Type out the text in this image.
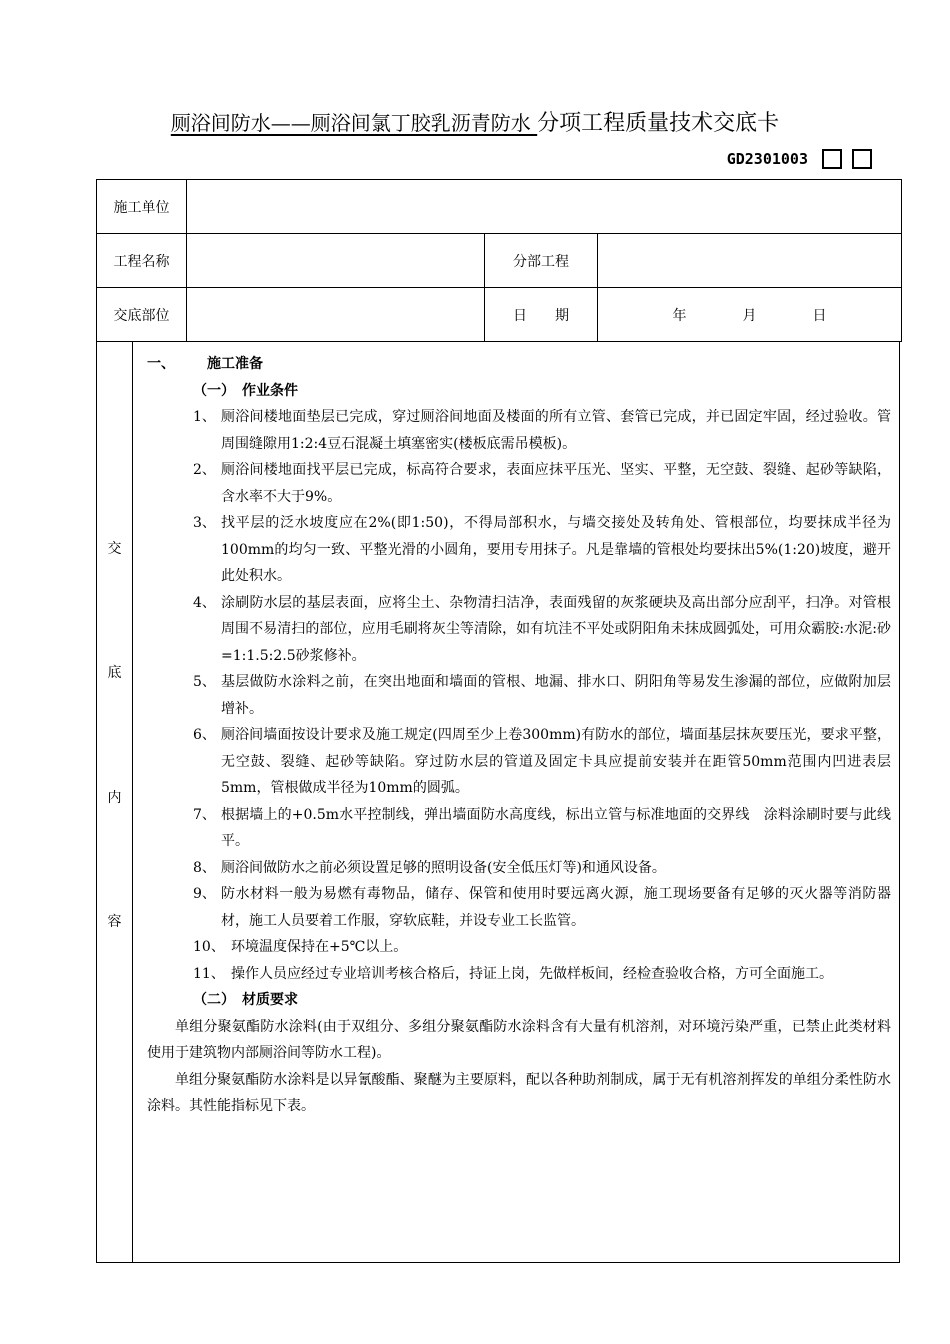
厕浴间防水——厕浴间氯丁胶乳沥青防水 分项工程质量技术交底卡
GD2301003
施工单位			
工程名称		分部工程	
交底部位		日　　期	年 月 日
交
底
内
容
一、 施工准备
（一）　作业条件
1、 厕浴间楼地面垫层已完成，穿过厕浴间地面及楼面的所有立管、套管已完成，并已固定牢固，经过验收。管周围缝隙用1:2:4豆石混凝土填塞密实(楼板底需吊模板)。
2、 厕浴间楼地面找平层已完成，标高符合要求，表面应抹平压光、坚实、平整，无空鼓、裂缝、起砂等缺陷，含水率不大于9%。
3、 找平层的泛水坡度应在2%(即1:50)，不得局部积水，与墙交接处及转角处、管根部位，均要抹成半径为100mm的均匀一致、平整光滑的小圆角，要用专用抹子。凡是靠墙的管根处均要抹出5%(1:20)坡度，避开此处积水。
4、 涂刷防水层的基层表面，应将尘土、杂物清扫洁净，表面残留的灰浆硬块及高出部分应刮平，扫净。对管根周围不易清扫的部位，应用毛刷将灰尘等清除，如有坑洼不平处或阴阳角未抹成圆弧处，可用众霸胶:水泥:砂=1:1.5:2.5砂浆修补。
5、 基层做防水涂料之前，在突出地面和墙面的管根、地漏、排水口、阴阳角等易发生渗漏的部位，应做附加层增补。
6、 厕浴间墙面按设计要求及施工规定(四周至少上卷300mm)有防水的部位，墙面基层抹灰要压光，要求平整，无空鼓、裂缝、起砂等缺陷。穿过防水层的管道及固定卡具应提前安装并在距管50mm范围内凹进表层5mm，管根做成半径为10mm的圆弧。
7、 根据墙上的+0.5m水平控制线，弹出墙面防水高度线，标出立管与标准地面的交界线　涂料涂刷时要与此线平。
8、 厕浴间做防水之前必须设置足够的照明设备(安全低压灯等)和通风设备。
9、 防水材料一般为易燃有毒物品，储存、保管和使用时要远离火源，施工现场要备有足够的灭火器等消防器材，施工人员要着工作服，穿软底鞋，并设专业工长监管。
10、 环境温度保持在+5℃以上。
11、 操作人员应经过专业培训考核合格后，持证上岗，先做样板间，经检查验收合格，方可全面施工。
（二）　材质要求
单组分聚氨酯防水涂料(由于双组分、多组分聚氨酯防水涂料含有大量有机溶剂，对环境污染严重，已禁止此类材料使用于建筑物内部厕浴间等防水工程)。
单组分聚氨酯防水涂料是以异氰酸酯、聚醚为主要原料，配以各种助剂制成，属于无有机溶剂挥发的单组分柔性防水涂料。其性能指标见下表。
